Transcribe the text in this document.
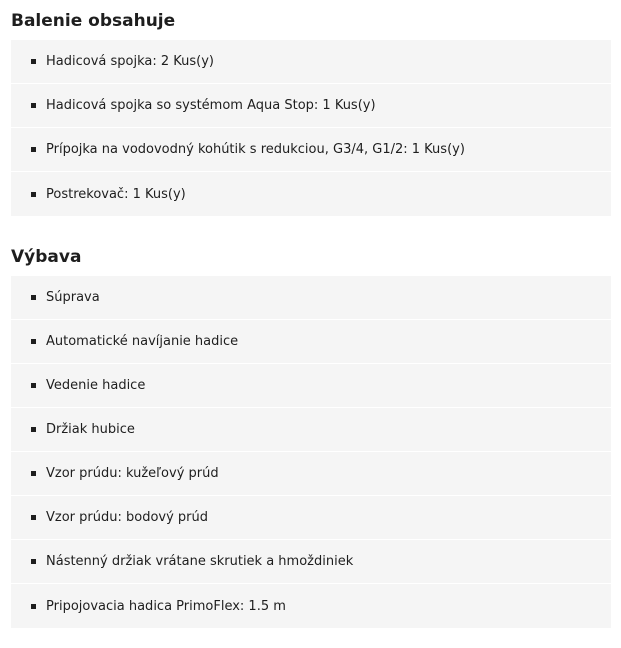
Balenie obsahuje
Hadicová spojka: 2 Kus(y)
Hadicová spojka so systémom Aqua Stop: 1 Kus(y)
Prípojka na vodovodný kohútik s redukciou, G3/4, G1/2: 1 Kus(y)
Postrekovač: 1 Kus(y)
Výbava
Súprava
Automatické navíjanie hadice
Vedenie hadice
Držiak hubice
Vzor prúdu: kužeľový prúd
Vzor prúdu: bodový prúd
Nástenný držiak vrátane skrutiek a hmoždiniek
Pripojovacia hadica PrimoFlex: 1.5 m
